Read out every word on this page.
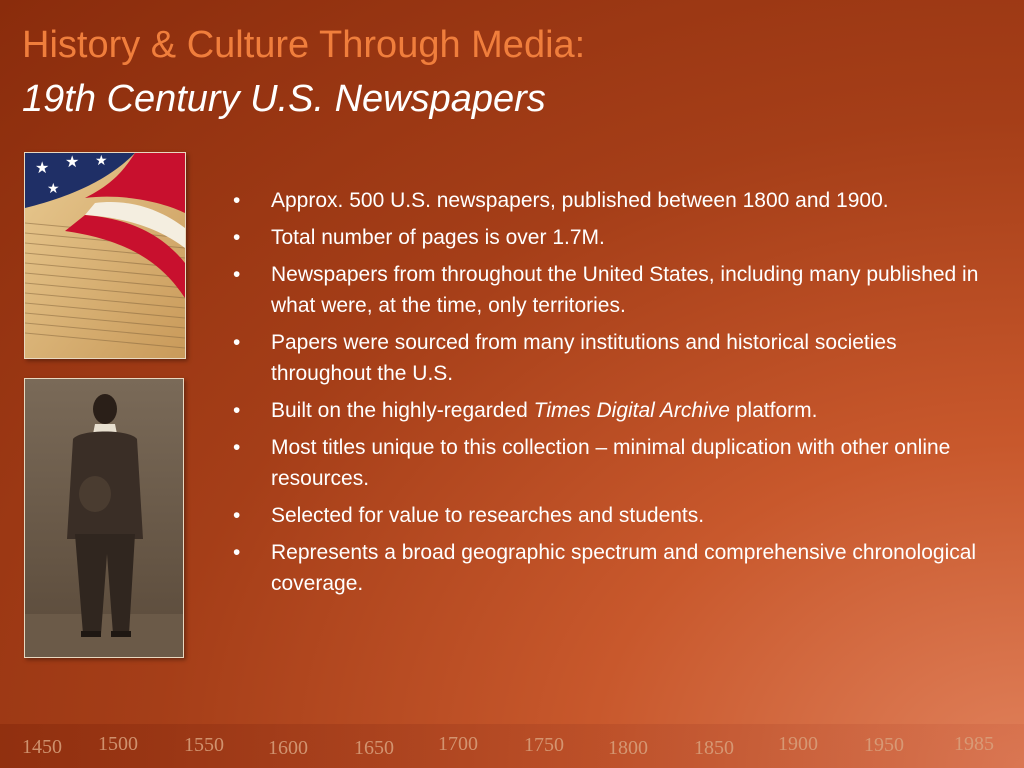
History & Culture Through Media:
19th Century U.S. Newspapers
★ ★ ★
★
• Approx. 500 U.S. newspapers, published between 1800 and 1900.
• Total number of pages is over 1.7M.
• Newspapers from throughout the United States, including many published in what were, at the time, only territories.
• Papers were sourced from many institutions and historical societies throughout the U.S.
• Built on the highly-regarded Times Digital Archive platform.
• Most titles unique to this collection – minimal duplication with other online resources.
• Selected for value to researches and students.
• Represents a broad geographic spectrum and comprehensive chronological coverage.
1450 1500 1550 1600 1650 1700 1750 1800 1850 1900 1950	1985
